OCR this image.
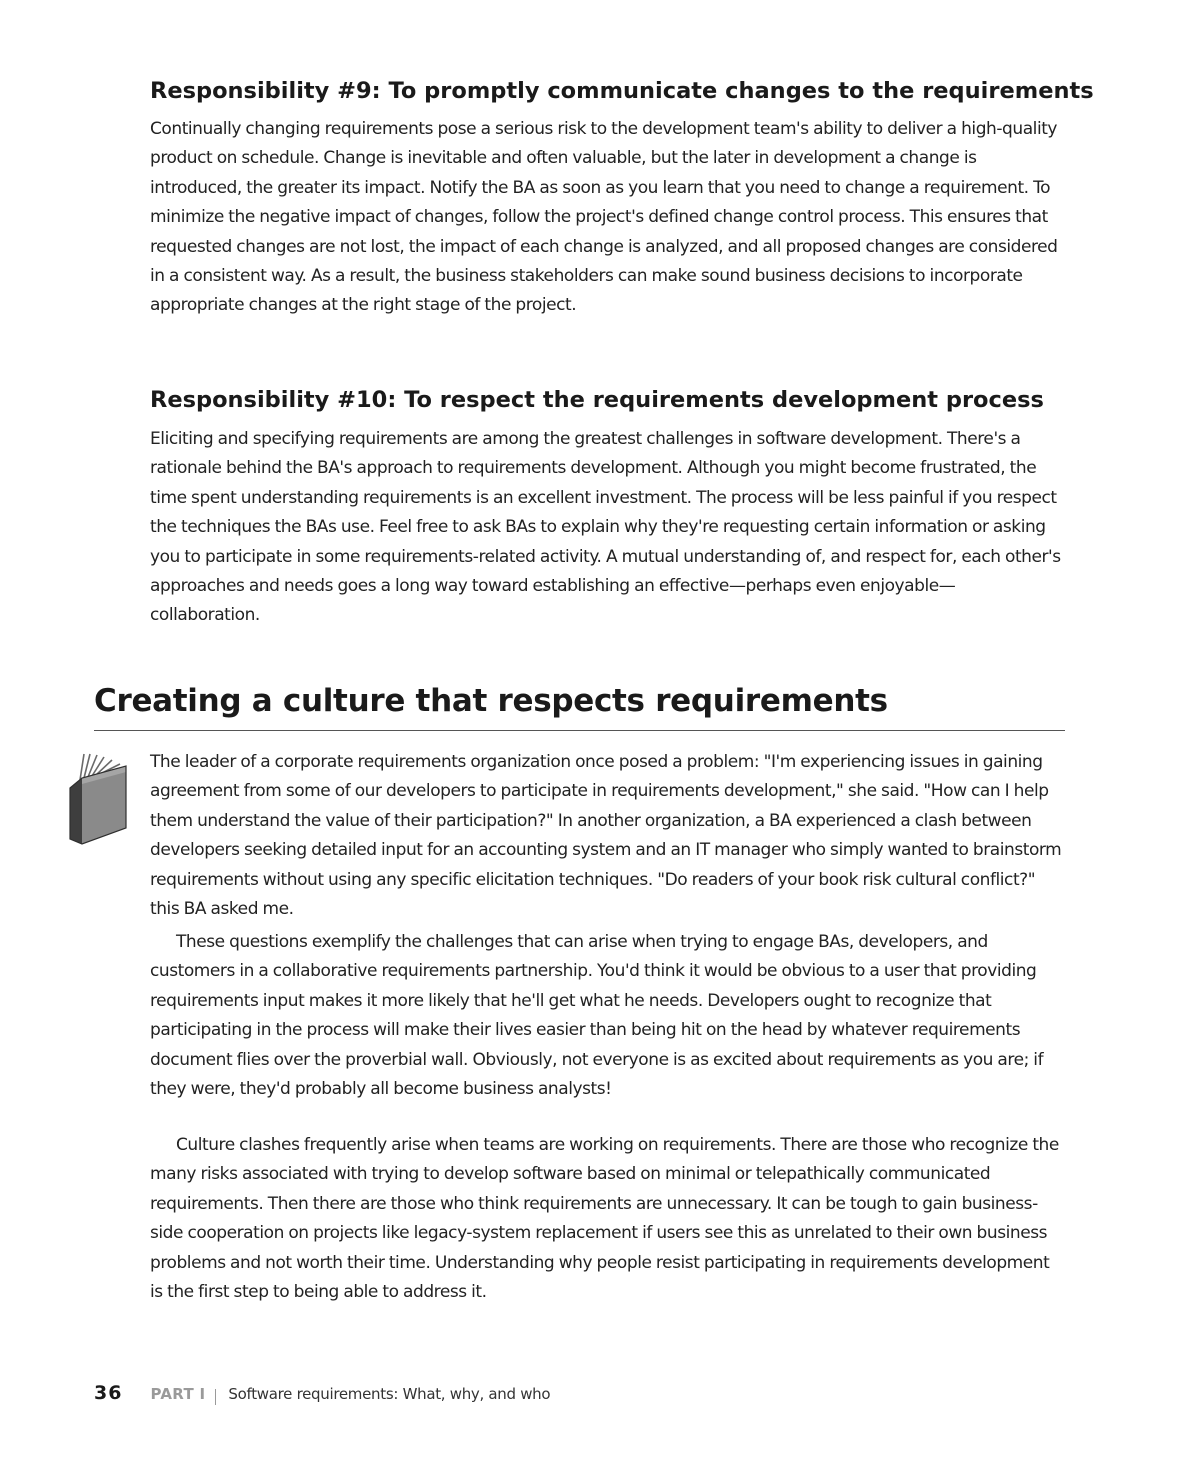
Responsibility #9: To promptly communicate changes to the requirements

Continually changing requirements pose a serious risk to the development team's ability to deliver a high-quality product on schedule. Change is inevitable and often valuable, but the later in development a change is introduced, the greater its impact. Notify the BA as soon as you learn that you need to change a requirement. To minimize the negative impact of changes, follow the project's defined change control process. This ensures that requested changes are not lost, the impact of each change is analyzed, and all proposed changes are considered in a consistent way. As a result, the business stakeholders can make sound business decisions to incorporate appropriate changes at the right stage of the project.

Responsibility #10: To respect the requirements development process

Eliciting and specifying requirements are among the greatest challenges in software development. There's a rationale behind the BA's approach to requirements development. Although you might become frustrated, the time spent understanding requirements is an excellent investment. The process will be less painful if you respect the techniques the BAs use. Feel free to ask BAs to explain why they're requesting certain information or asking you to participate in some requirements-related activity. A mutual understanding of, and respect for, each other's approaches and needs goes a long way toward establishing an effective—perhaps even enjoyable—collaboration.

Creating a culture that respects requirements

The leader of a corporate requirements organization once posed a problem: "I'm experiencing issues in gaining agreement from some of our developers to participate in requirements development," she said. "How can I help them understand the value of their participation?" In another organization, a BA experienced a clash between developers seeking detailed input for an accounting system and an IT manager who simply wanted to brainstorm requirements without using any specific elicitation techniques. "Do readers of your book risk cultural conflict?" this BA asked me.

These questions exemplify the challenges that can arise when trying to engage BAs, developers, and customers in a collaborative requirements partnership. You'd think it would be obvious to a user that providing requirements input makes it more likely that he'll get what he needs. Developers ought to recognize that participating in the process will make their lives easier than being hit on the head by whatever requirements document flies over the proverbial wall. Obviously, not everyone is as excited about requirements as you are; if they were, they'd probably all become business analysts!

Culture clashes frequently arise when teams are working on requirements. There are those who recognize the many risks associated with trying to develop software based on minimal or telepathically communicated requirements. Then there are those who think requirements are unnecessary. It can be tough to gain business-side cooperation on projects like legacy-system replacement if users see this as unrelated to their own business problems and not worth their time. Understanding why people resist participating in requirements development is the first step to being able to address it.

36 PART I Software requirements: What, why, and who
